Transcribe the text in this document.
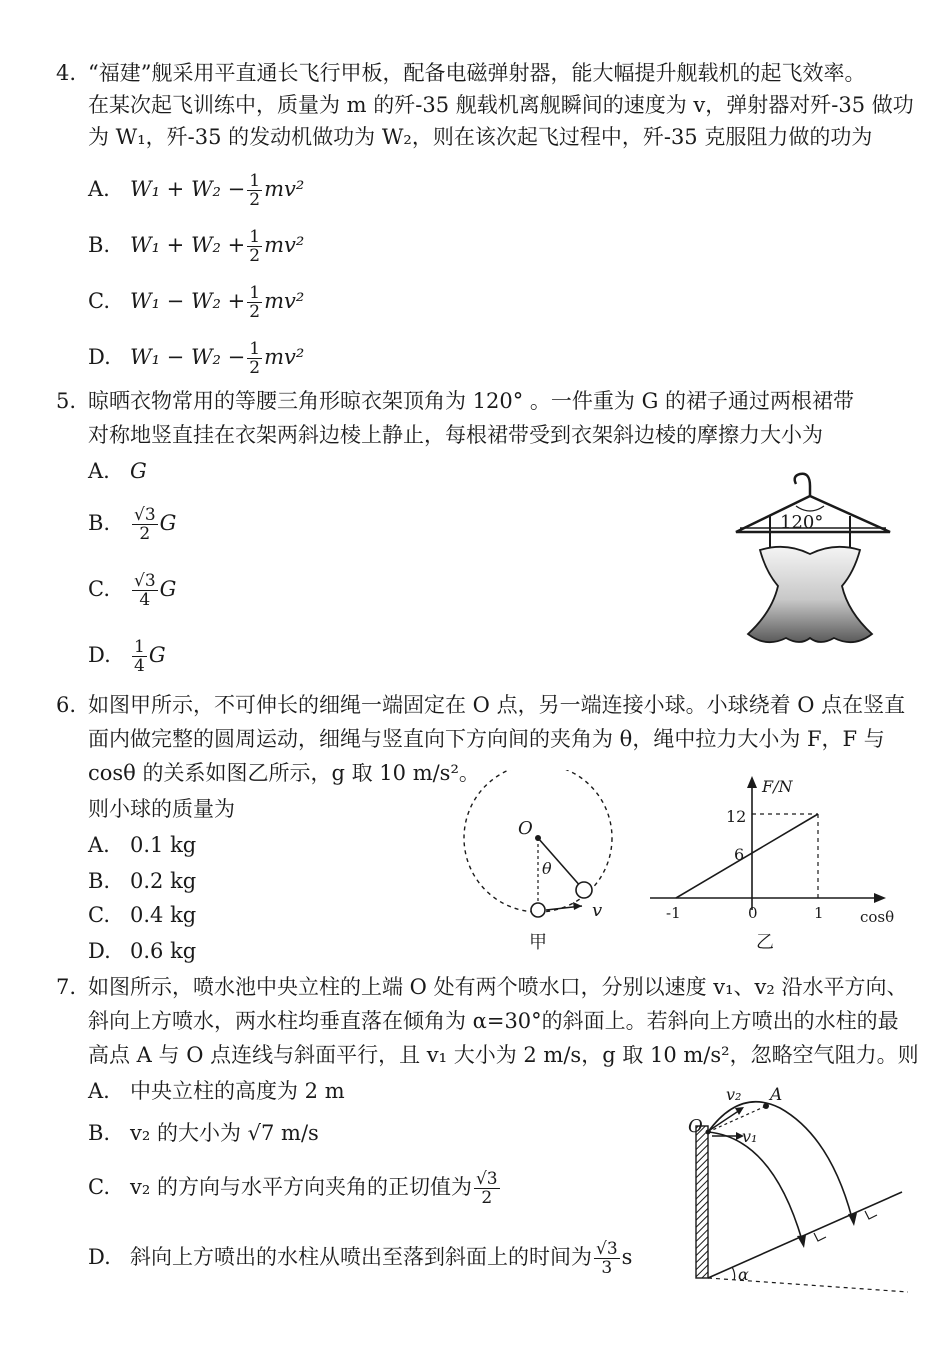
4. “福建”舰采用平直通长飞行甲板，配备电磁弹射器，能大幅提升舰载机的起飞效率。
在某次起飞训练中，质量为 m 的歼-35 舰载机离舰瞬间的速度为 v，弹射器对歼-35 做功
为 W₁，歼-35 的发动机做功为 W₂，则在该次起飞过程中，歼-35 克服阻力做的功为
A. $W_1 + W_2 - \frac{1}{2} mv^2$
B. $W_1 + W_2 + \frac{1}{2} mv^2$
C. $W_1 - W_2 + \frac{1}{2} mv^2$
D. $W_1 - W_2 - \frac{1}{2} mv^2$
5. 晾晒衣物常用的等腰三角形晾衣架顶角为 120° 。一件重为 G 的裙子通过两根裙带
对称地竖直挂在衣架两斜边棱上静止，每根裙带受到衣架斜边棱的摩擦力大小为
A. G
B. $\frac{√3}{2}$ G
C. $\frac{√3}{4}$ G
D. $\frac{1}{4}$ G
120°
6. 如图甲所示，不可伸长的细绳一端固定在 O 点，另一端连接小球。小球绕着 O 点在竖直
面内做完整的圆周运动，细绳与竖直向下方向间的夹角为 θ，绳中拉力大小为 F，F 与
cosθ 的关系如图乙所示，g 取 10 m/s²。
则小球的质量为
A. 0.1 kg
B. 0.2 kg
C. 0.4 kg
D. 0.6 kg
O
θ
v
甲
F/N
12
6
-1	0	1 cosθ
乙
7. 如图所示，喷水池中央立柱的上端 O 处有两个喷水口，分别以速度 v₁、v₂ 沿水平方向、
斜向上方喷水，两水柱均垂直落在倾角为 α=30°的斜面上。若斜向上方喷出的水柱的最
高点 A 与 O 点连线与斜面平行，且 v₁ 大小为 2 m/s，g 取 10 m/s²，忽略空气阻力。则
A. 中央立柱的高度为 2 m
B. v₂ 的大小为 √7 m/s
C. v₂ 的方向与水平方向夹角的正切值为 $\frac{√3}{2}$
D. 斜向上方喷出的水柱从喷出至落到斜面上的时间为 $\frac{√3}{3}$ s
α
O
A
v₁
v₂
